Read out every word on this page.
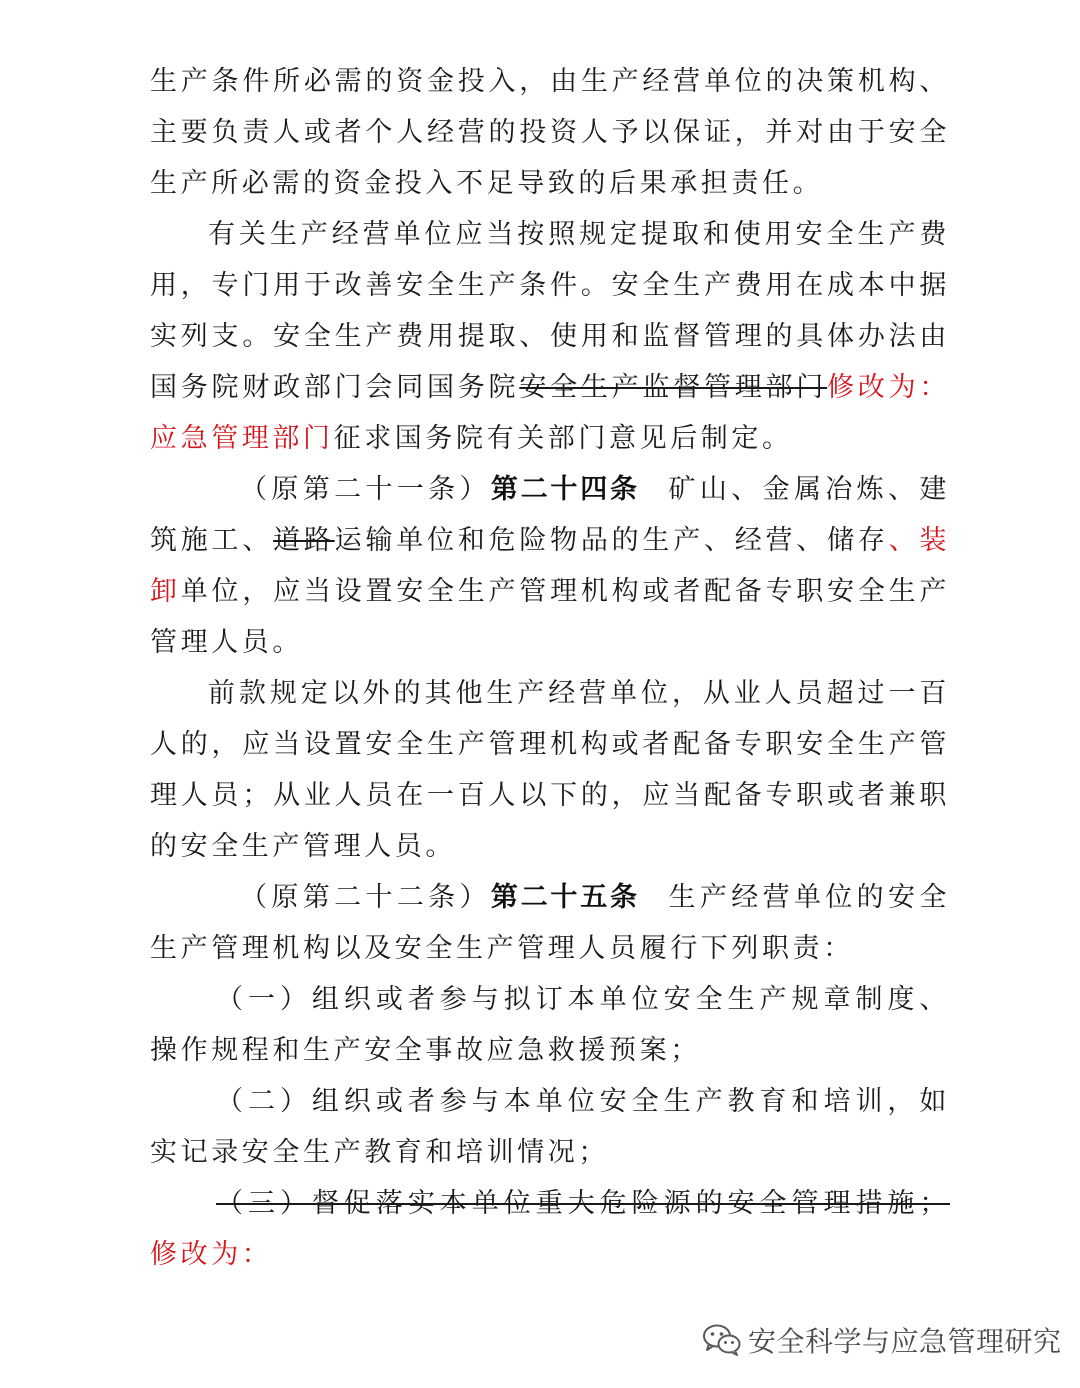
生产条件所必需的资金投入，由生产经营单位的决策机构、主要负责人或者个人经营的投资人予以保证，并对由于安全生产所必需的资金投入不足导致的后果承担责任。

有关生产经营单位应当按照规定提取和使用安全生产费用，专门用于改善安全生产条件。安全生产费用在成本中据实列支。安全生产费用提取、使用和监督管理的具体办法由国务院财政部门会同国务院安全生产监督管理部门修改为：应急管理部门征求国务院有关部门意见后制定。

（原第二十一条）第二十四条 矿山、金属冶炼、建筑施工、道路运输单位和危险物品的生产、经营、储存、装卸单位，应当设置安全生产管理机构或者配备专职安全生产管理人员。

前款规定以外的其他生产经营单位，从业人员超过一百人的，应当设置安全生产管理机构或者配备专职安全生产管理人员；从业人员在一百人以下的，应当配备专职或者兼职的安全生产管理人员。

（原第二十二条）第二十五条 生产经营单位的安全生产管理机构以及安全生产管理人员履行下列职责：

（一）组织或者参与拟订本单位安全生产规章制度、操作规程和生产安全事故应急救援预案；

（二）组织或者参与本单位安全生产教育和培训，如实记录安全生产教育和培训情况；

（三）督促落实本单位重大危险源的安全管理措施；修改为：

安全科学与应急管理研究
